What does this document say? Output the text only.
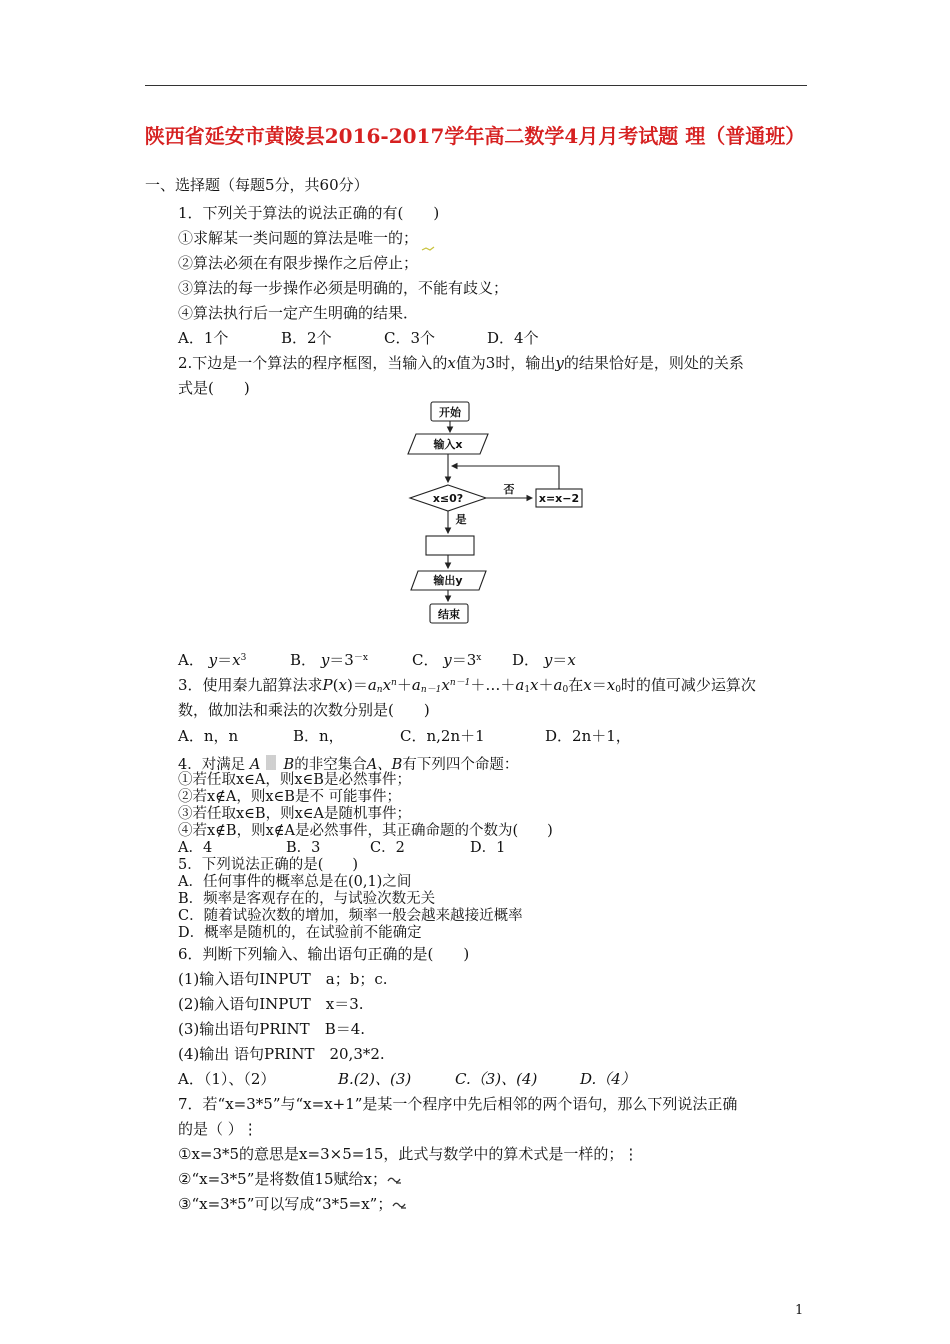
陕西省延安市黄陵县2016-2017学年高二数学4月月考试题 理（普通班）
一、选择题（每题5分，共60分）
1．下列关于算法的说法正确的有(　　)
①求解某一类问题的算法是唯一的；
②算法必须在有限步操作之后停止；
③算法的每一步操作必须是明确的，不能有歧义；
④算法执行后一定产生明确的结果．
A．1个	B．2个	C．3个	D．4个
2.下边是一个算法的程序框图，当输入的x值为3时，输出y的结果恰好是，则处的关系
式是(　　)
开始
输入x
x≤0?
否
x=x−2
是
输出y
结束
A． $y=x^3$	B． $y=3^{-x}$	C． $y=3^x$ D． y＝x
3．使用秦九韶算法求$P(x)=a_nx^n+a_{n-1}x^{n-1}+\dots+a_1x+a_0$在$x=x_0$时的值可减少运算次
数，做加法和乘法的次数分别是(　　)
A．n，n	B．n，	C．n,2n＋1	D．2n＋1，
4．对满足 A B的非空集合A、B有下列四个命题：
①若任取x∈A，则x∈B是必然事件；
②若x∉A，则x∈B是不 可能事件；
③若任取x∈B，则x∈A是随机事件；
④若x∉B，则x∉A是必然事件，其正确命题的个数为(　　)
A．4	B．3	C．2	D．1
5．下列说法正确的是(　　)
A．任何事件的概率总是在(0,1)之间
B．频率是客观存在的，与试验次数无关
C．随着试验次数的增加，频率一般会越来越接近概率
D．概率是随机的，在试验前不能确定
6．判断下列输入、输出语句正确的是(　　)
(1)输入语句INPUT　a；b；c.
(2)输入语句INPUT　x＝3.
(3)输出语句PRINT　B＝4.
(4)输出 语句PRINT　20,3*2.
A．（1）、（2）	B.(2)、(3)	C.（3)、(4)	D.（4）
7．若“x=3*5”与“x=x+1”是某一个程序中先后相邻的两个语句，那么下列说法正确
的是（ ）⋮
①x=3*5的意思是x=3×5=15，此式与数学中的算术式是一样的；⋮
②“x=3*5”是将数值15赋给x；
③“x=3*5”可以写成“3*5=x”；
1
